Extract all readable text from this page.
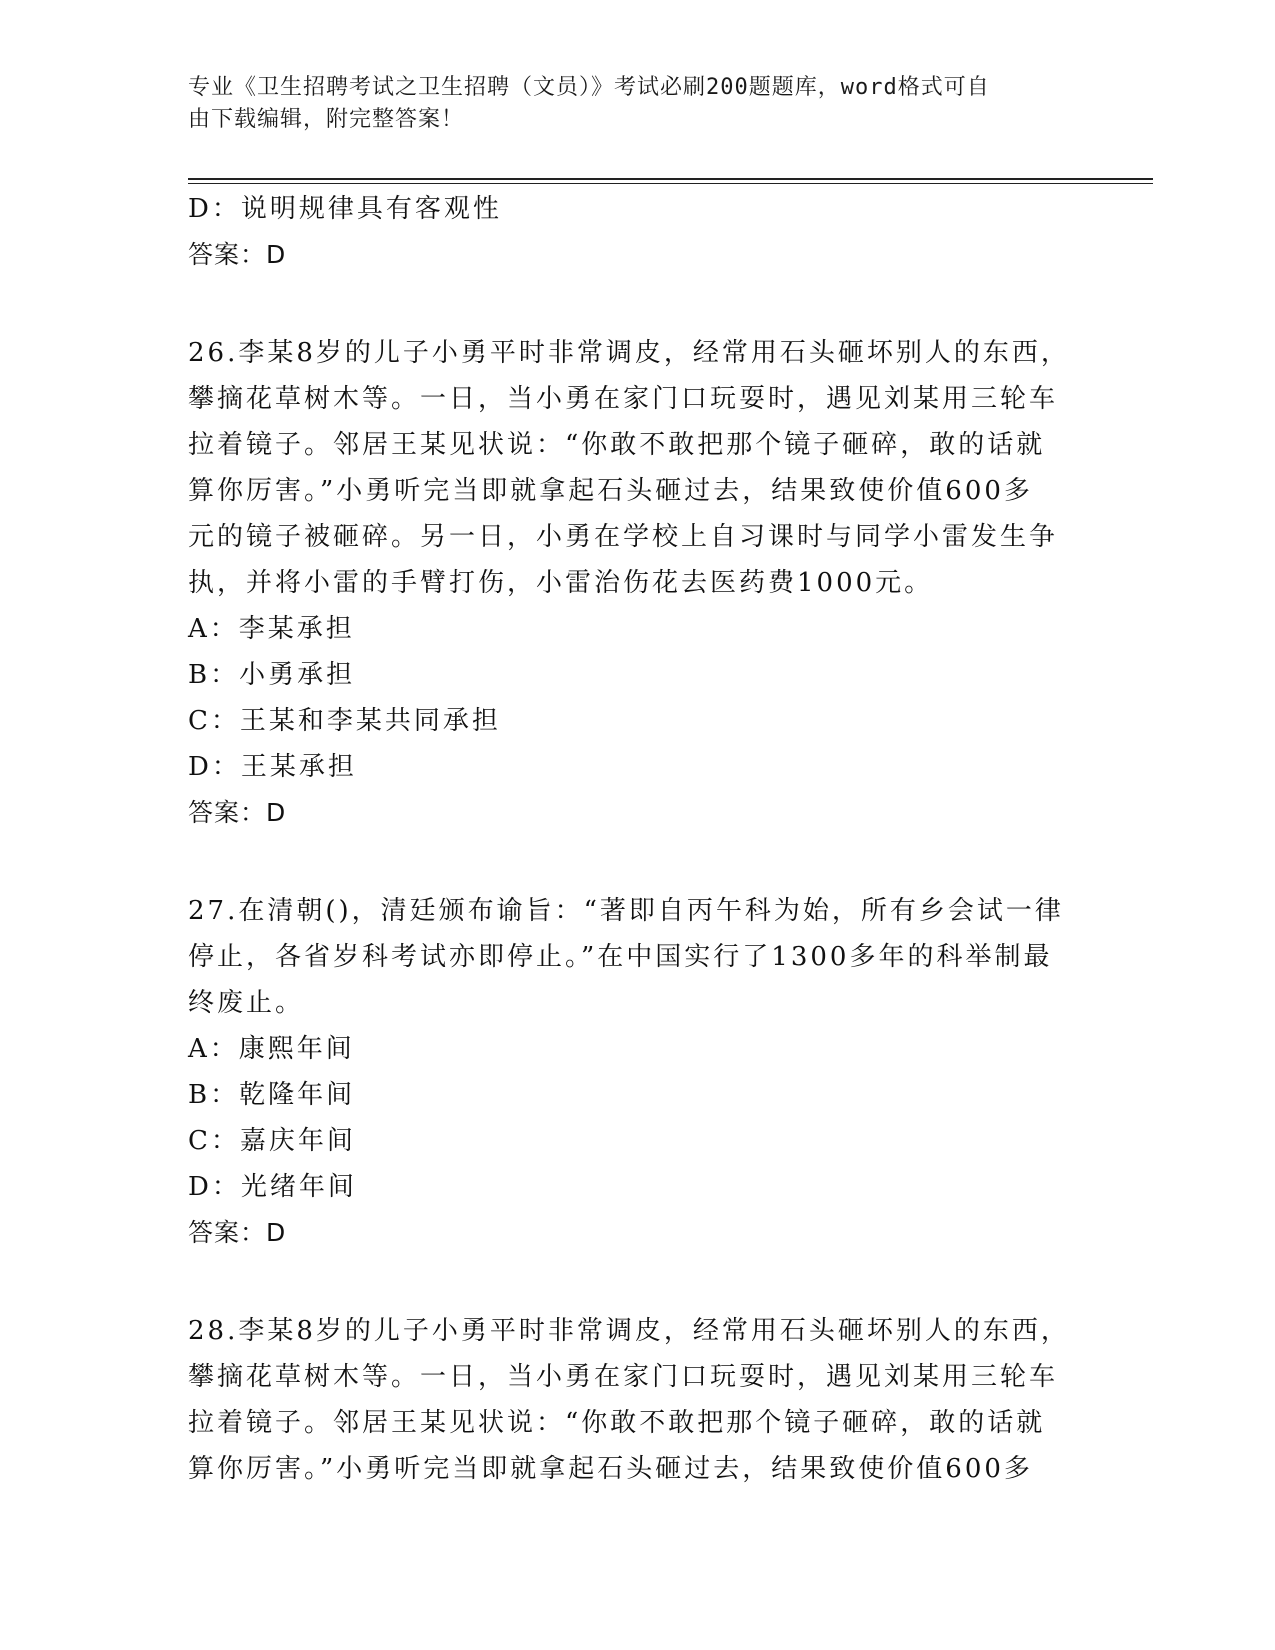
专业《卫生招聘考试之卫生招聘（文员）》考试必刷200题题库，word格式可自
由下载编辑，附完整答案！
D：说明规律具有客观性
答案：D
26.李某8岁的儿子小勇平时非常调皮，经常用石头砸坏别人的东西，
攀摘花草树木等。一日，当小勇在家门口玩耍时，遇见刘某用三轮车
拉着镜子。邻居王某见状说：“你敢不敢把那个镜子砸碎，敢的话就
算你厉害。”小勇听完当即就拿起石头砸过去，结果致使价值600多
元的镜子被砸碎。另一日，小勇在学校上自习课时与同学小雷发生争
执，并将小雷的手臂打伤，小雷治伤花去医药费1000元。
A：李某承担
B：小勇承担
C：王某和李某共同承担
D：王某承担
答案：D
27.在清朝()，清廷颁布谕旨：“著即自丙午科为始，所有乡会试一律
停止，各省岁科考试亦即停止。”在中国实行了1300多年的科举制最
终废止。
A：康熙年间
B：乾隆年间
C：嘉庆年间
D：光绪年间
答案：D
28.李某8岁的儿子小勇平时非常调皮，经常用石头砸坏别人的东西，
攀摘花草树木等。一日，当小勇在家门口玩耍时，遇见刘某用三轮车
拉着镜子。邻居王某见状说：“你敢不敢把那个镜子砸碎，敢的话就
算你厉害。”小勇听完当即就拿起石头砸过去，结果致使价值600多
